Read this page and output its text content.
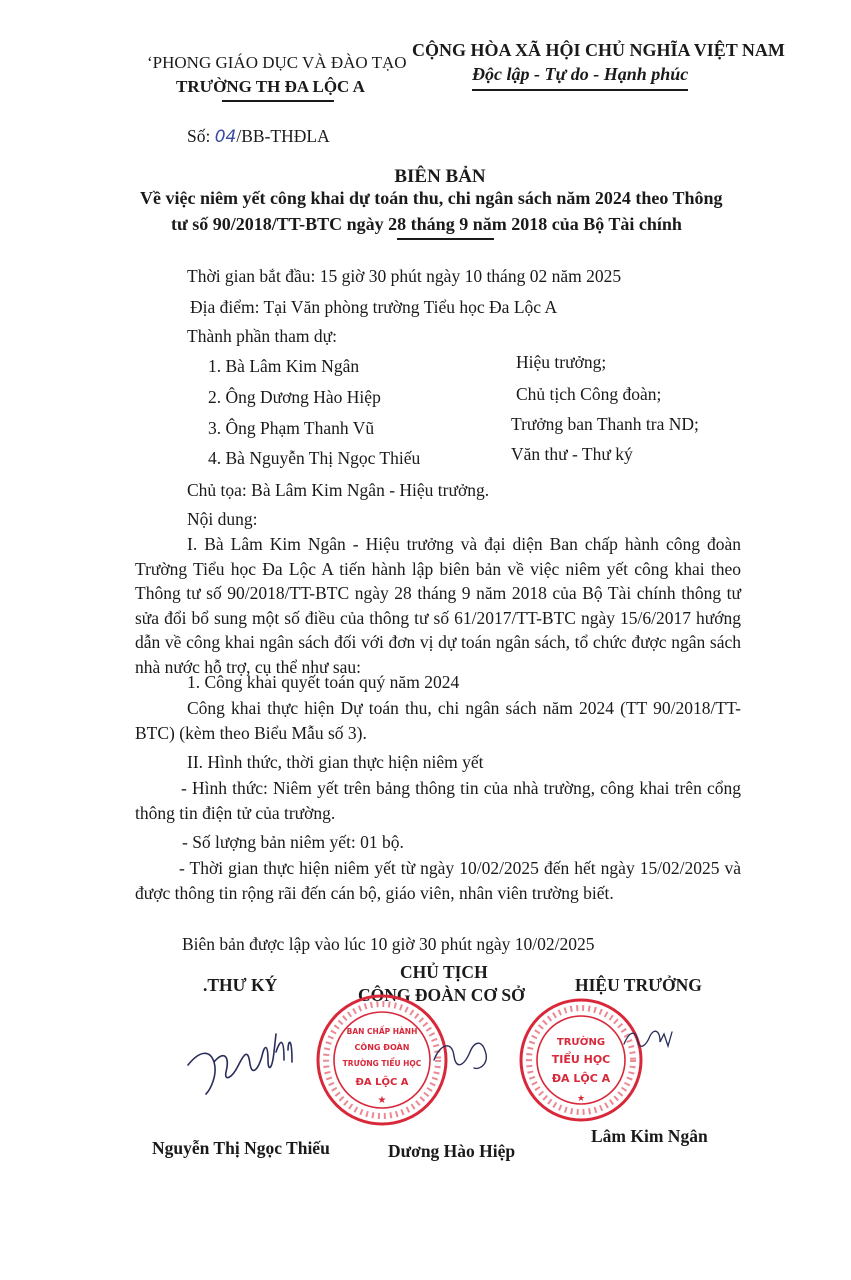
‘PHONG GIÁO DỤC VÀ ĐÀO TẠO
TRƯỜNG TH ĐA LỘC A
CỘNG HÒA XÃ HỘI CHỦ NGHĨA VIỆT NAM
Độc lập - Tự do - Hạnh phúc
Số: 04/BB-THĐLA
BIÊN BẢN
Về việc niêm yết công khai dự toán thu, chi ngân sách năm 2024 theo Thông
tư số 90/2018/TT-BTC ngày 28 tháng 9 năm 2018 của Bộ Tài chính
Thời gian bắt đầu: 15 giờ 30 phút ngày 10 tháng 02 năm 2025
Địa điểm: Tại Văn phòng trường Tiểu học Đa Lộc A
Thành phần tham dự:
1. Bà Lâm Kim Ngân	Hiệu trưởng;
2. Ông Dương Hào Hiệp	Chủ tịch Công đoàn;
3. Ông Phạm Thanh Vũ	Trưởng ban Thanh tra ND;
4. Bà Nguyễn Thị Ngọc Thiếu	Văn thư - Thư ký
Chủ tọa: Bà Lâm Kim Ngân - Hiệu trưởng.
Nội dung:
I. Bà Lâm Kim Ngân - Hiệu trưởng và đại diện Ban chấp hành công đoàn Trường Tiểu học Đa Lộc A tiến hành lập biên bản về việc niêm yết công khai theo Thông tư số 90/2018/TT-BTC ngày 28 tháng 9 năm 2018 của Bộ Tài chính thông tư sửa đổi bổ sung một số điều của thông tư số 61/2017/TT-BTC ngày 15/6/2017 hướng dẫn về công khai ngân sách đối với đơn vị dự toán ngân sách, tổ chức được ngân sách nhà nước hỗ trợ, cụ thể như sau:
1. Công khai quyết toán quý năm 2024
Công khai thực hiện Dự toán thu, chi ngân sách năm 2024 (TT 90/2018/TT-BTC) (kèm theo Biểu Mẫu số 3).
II. Hình thức, thời gian thực hiện niêm yết
- Hình thức: Niêm yết trên bảng thông tin của nhà trường, công khai trên cổng thông tin điện tử của trường.
- Số lượng bản niêm yết: 01 bộ.
- Thời gian thực hiện niêm yết từ ngày 10/02/2025 đến hết ngày 15/02/2025 và được thông tin rộng rãi đến cán bộ, giáo viên, nhân viên trường biết.
Biên bản được lập vào lúc 10 giờ 30 phút ngày 10/02/2025
.THƯ KÝ
CHỦ TỊCH
CÔNG ĐOÀN CƠ SỞ	HIỆU TRƯỞNG
BAN CHẤP HÀNH
CÔNG ĐOÀN
TRƯỜNG TIỂU HỌC
ĐA LỘC A
★
TRƯỜNG
TIỂU HỌC
ĐA LỘC A
★
Nguyễn Thị Ngọc Thiếu	Dương Hào Hiệp
Lâm Kim Ngân
